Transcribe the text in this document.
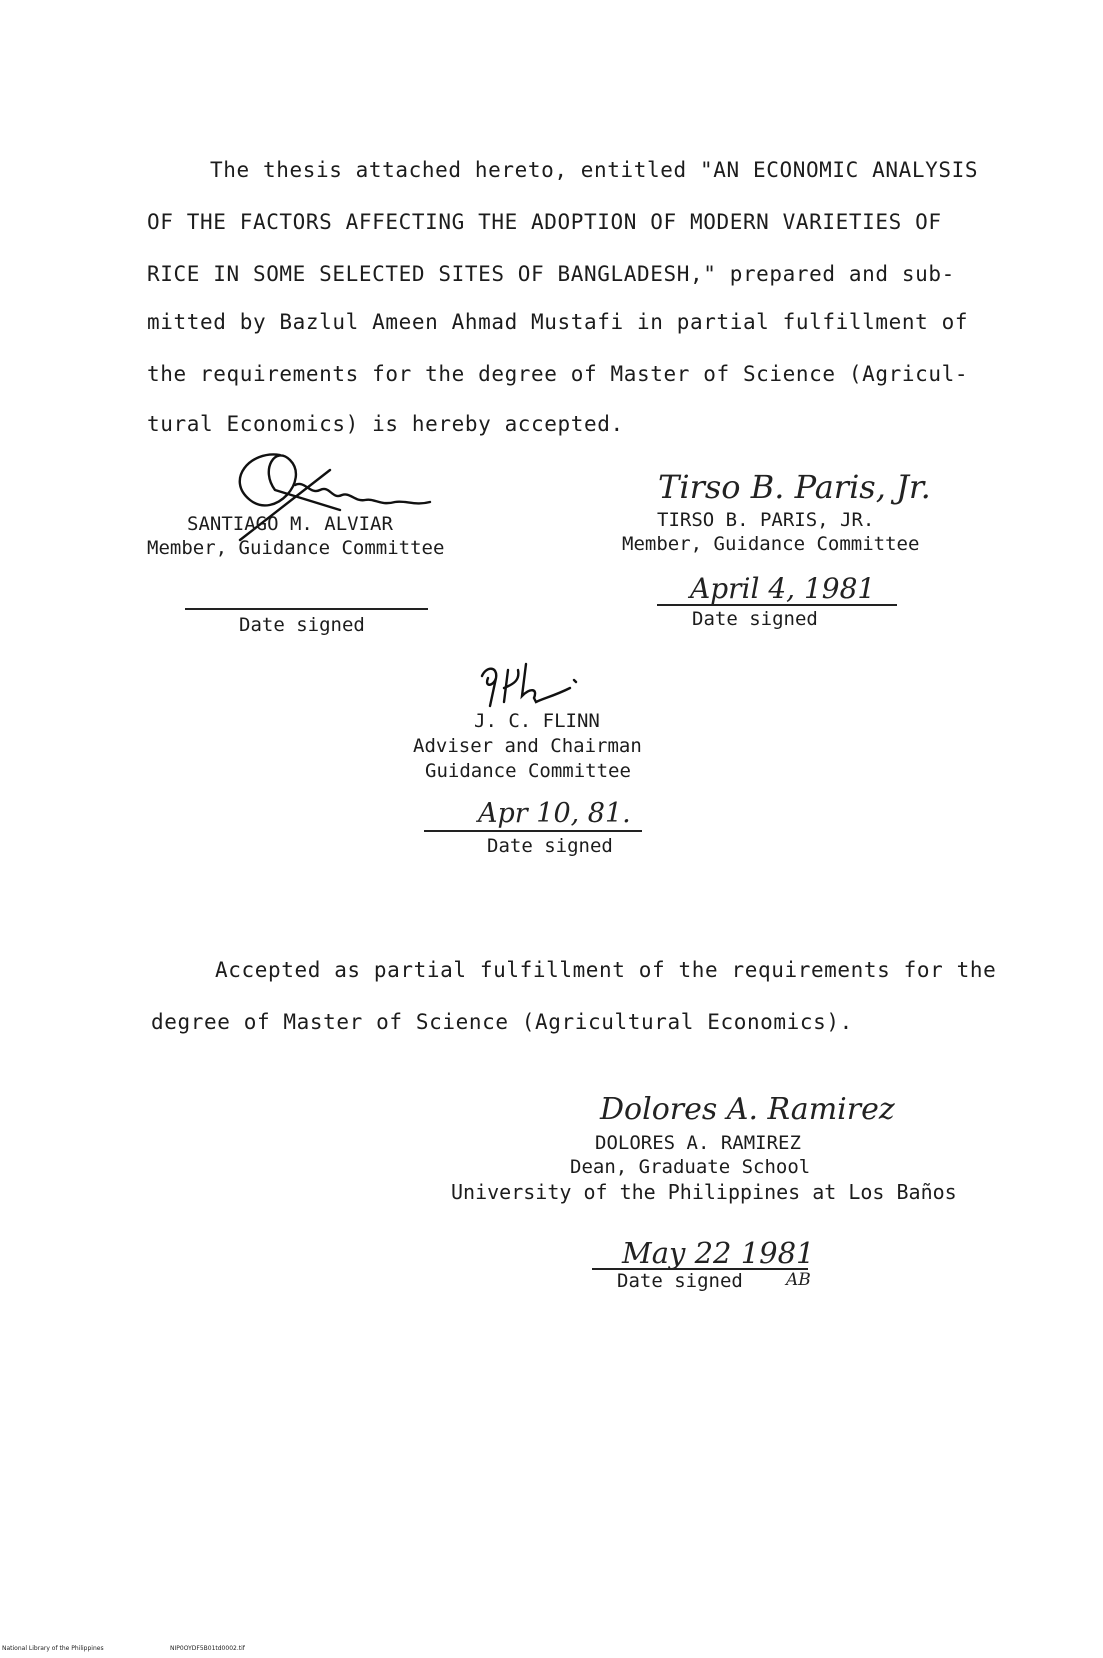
The thesis attached hereto, entitled "AN ECONOMIC ANALYSIS
OF THE FACTORS AFFECTING THE ADOPTION OF MODERN VARIETIES OF
RICE IN SOME SELECTED SITES OF BANGLADESH," prepared and sub-
mitted by Bazlul Ameen Ahmad Mustafi in partial fulfillment of
the requirements for the degree of Master of Science (Agricul-
tural Economics) is hereby accepted.
SANTIAGO M. ALVIAR
Member, Guidance Committee
Date signed
Tirso B. Paris, Jr.
TIRSO B. PARIS, JR.
Member, Guidance Committee
April 4, 1981
Date signed
J. C. FLINN
Adviser and Chairman
Guidance Committee
Apr 10, 81.
Date signed
Accepted as partial fulfillment of the requirements for the
degree of Master of Science (Agricultural Economics).
Dolores A. Ramirez
DOLORES A. RAMIREZ
Dean, Graduate School
University of the Philippines at Los Baños
May 22 1981
Date signed	AB
National Library of the Philippines	NIP0OYDF5B01td0002.tif
